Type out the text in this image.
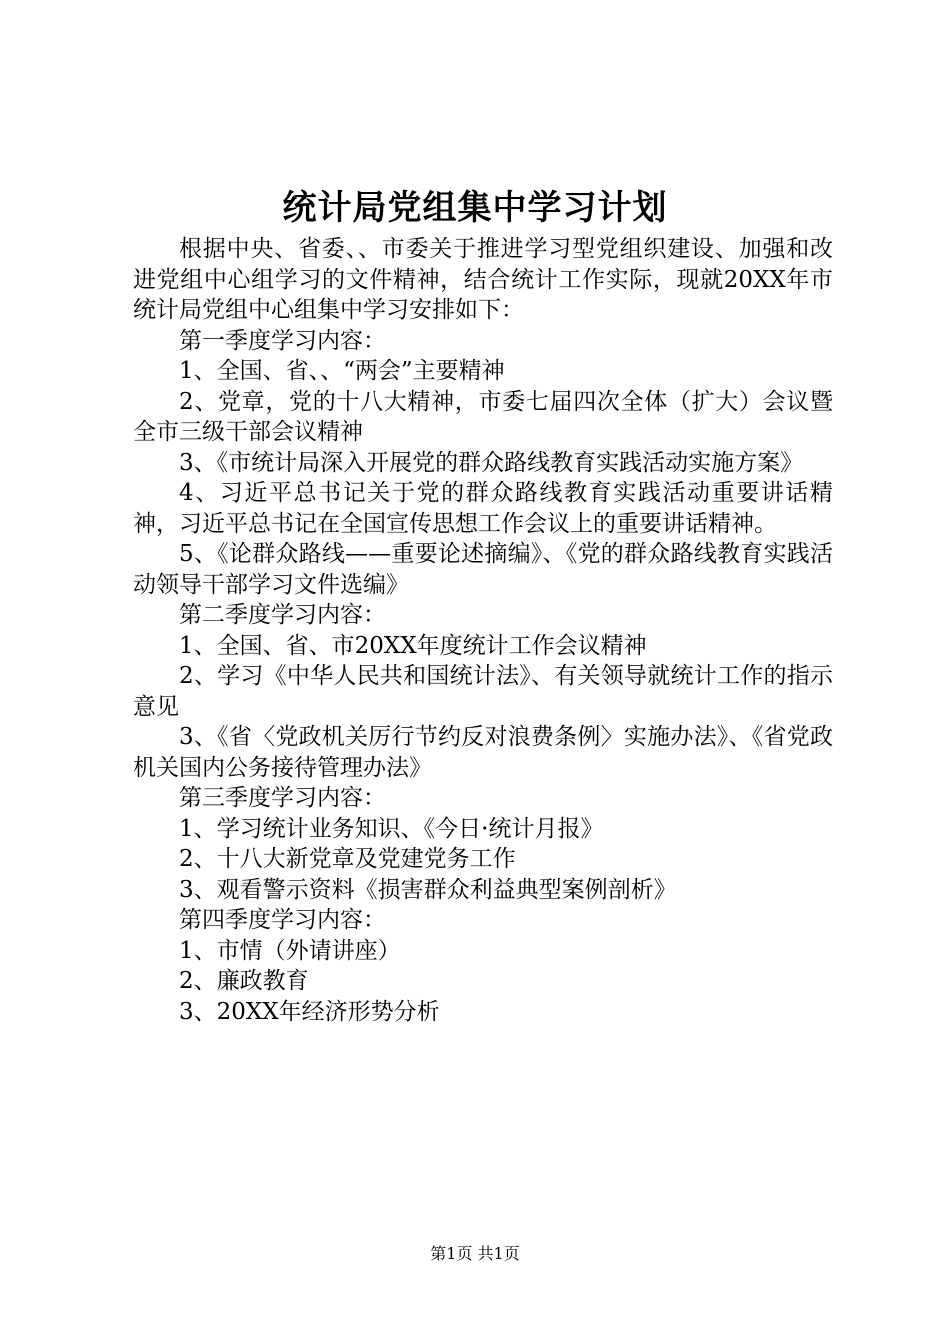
统计局党组集中学习计划

根据中央、省委、、市委关于推进学习型党组织建设、加强和改进党组中心组学习的文件精神，结合统计工作实际，现就20XX年市统计局党组中心组集中学习安排如下：

第一季度学习内容：

1、全国、省、、“两会”主要精神

2、党章，党的十八大精神，市委七届四次全体（扩大）会议暨全市三级干部会议精神

3、《市统计局深入开展党的群众路线教育实践活动实施方案》

4、习近平总书记关于党的群众路线教育实践活动重要讲话精神，习近平总书记在全国宣传思想工作会议上的重要讲话精神。

5、《论群众路线——重要论述摘编》、《党的群众路线教育实践活动领导干部学习文件选编》

第二季度学习内容：

1、全国、省、市20XX年度统计工作会议精神

2、学习《中华人民共和国统计法》、有关领导就统计工作的指示意见

3、《省〈党政机关厉行节约反对浪费条例〉实施办法》、《省党政机关国内公务接待管理办法》

第三季度学习内容：

1、学习统计业务知识、《今日·统计月报》

2、十八大新党章及党建党务工作

3、观看警示资料《损害群众利益典型案例剖析》

第四季度学习内容：

1、市情（外请讲座）

2、廉政教育

3、20XX年经济形势分析

第1页 共1页
